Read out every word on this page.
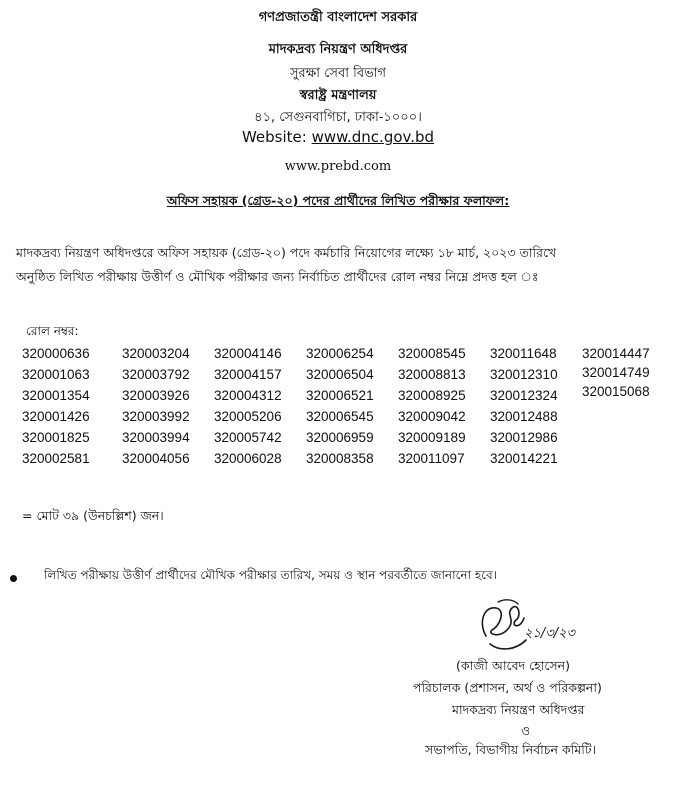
গণপ্রজাতন্ত্রী বাংলাদেশ সরকার
মাদকদ্রব্য নিয়ন্ত্রণ অধিদপ্তর
সুরক্ষা সেবা বিভাগ
স্বরাষ্ট্র মন্ত্রণালয়
৪১, সেগুনবাগিচা, ঢাকা-১০০০।
Website: www.dnc.gov.bd
www.prebd.com
অফিস সহায়ক (গ্রেড-২০) পদের প্রার্থীদের লিখিত পরীক্ষার ফলাফল:
মাদকদ্রব্য নিয়ন্ত্রণ অধিদপ্তরে অফিস সহায়ক (গ্রেড-২০) পদে কর্মচারি নিয়োগের লক্ষ্যে ১৮ মার্চ, ২০২৩ তারিখে
অনুষ্ঠিত লিখিত পরীক্ষায় উত্তীর্ণ ও মৌখিক পরীক্ষার জন্য নির্বাচিত প্রার্থীদের রোল নম্বর নিম্নে প্রদত্ত হল ঃ
রোল নম্বর:
320000636
320001063
320001354
320001426
320001825
320002581
320003204
320003792
320003926
320003992
320003994
320004056
320004146
320004157
320004312
320005206
320005742
320006028
320006254
320006504
320006521
320006545
320006959
320008358
320008545
320008813
320008925
320009042
320009189
320011097
320011648
320012310
320012324
320012488
320012986
320014221
320014447
320014749
320015068
= মোট ৩৯ (উনচল্লিশ) জন।
লিখিত পরীক্ষায় উত্তীর্ণ প্রার্থীদের মৌখিক পরীক্ষার তারিখ, সময় ও স্থান পরবর্তীতে জানানো হবে।
২১/৩/২৩
(কাজী আবেদ হোসেন)
পরিচালক (প্রশাসন, অর্থ ও পরিকল্পনা)
মাদকদ্রব্য নিয়ন্ত্রণ অধিদপ্তর
ও
সভাপতি, বিভাগীয় নির্বাচন কমিটি।
